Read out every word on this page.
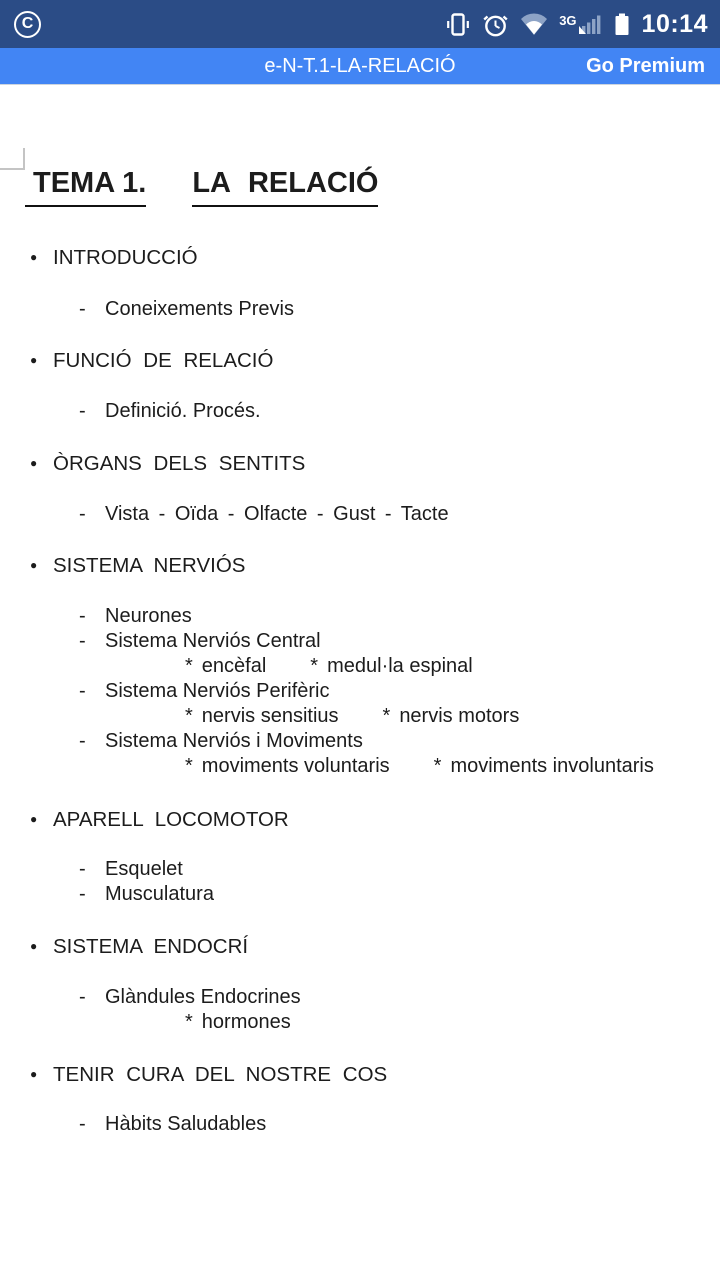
C	3G	10:14
e-N-T.1-LA-RELACIÓ	Go Premium
TEMA 1. LA RELACIÓ
● INTRODUCCIÓ
- Coneixements Previs
● FUNCIÓ DE RELACIÓ
- Definició. Procés.
● ÒRGANS DELS SENTITS
- Vista - Oïda - Olfacte - Gust - Tacte
● SISTEMA NERVIÓS
- Neurones
- Sistema Nerviós Central
* encèfal * medul·la espinal
- Sistema Nerviós Perifèric
* nervis sensitius * nervis motors
- Sistema Nerviós i Moviments
* moviments voluntaris * moviments involuntaris
● APARELL LOCOMOTOR
- Esquelet
- Musculatura
● SISTEMA ENDOCRÍ
- Glàndules Endocrines
* hormones
● TENIR CURA DEL NOSTRE COS
- Hàbits Saludables
